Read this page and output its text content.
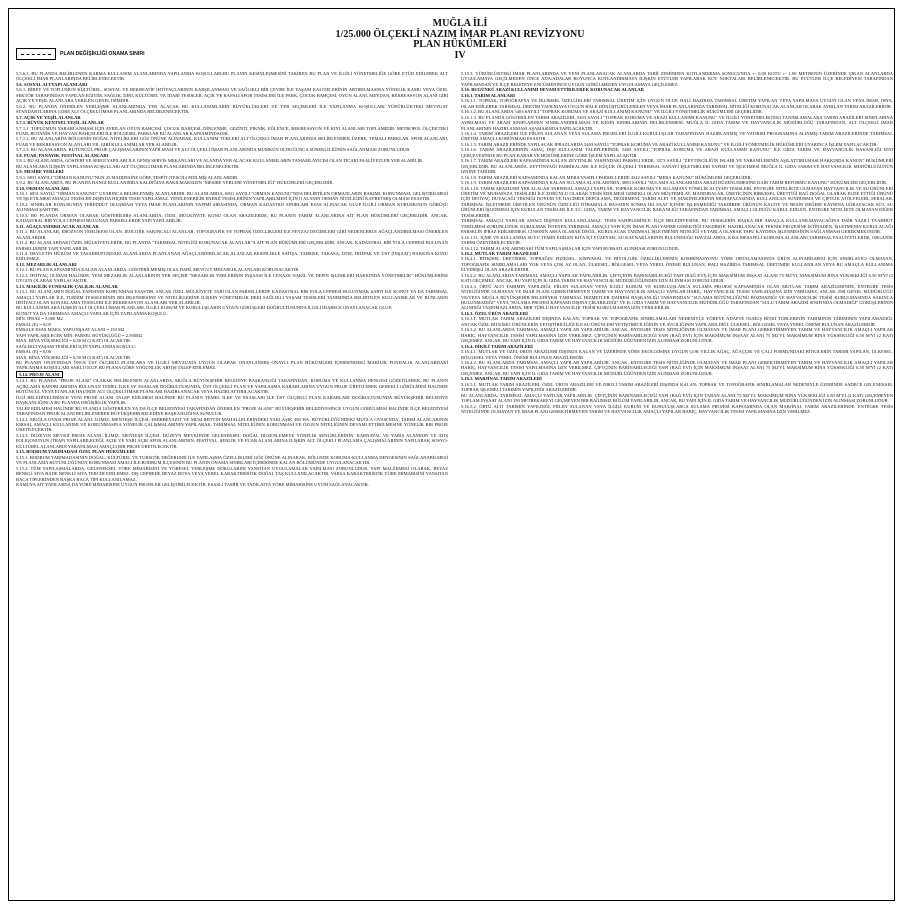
PLAN DEĞİŞİKLİĞİ ONAMA SINIRI
MUĞLA İLİ
1/25.000 ÖLÇEKLİ NAZIM İMAR PLANI REVİZYONU
PLAN HÜKÜMLERİ
IV

5.5.6.3. BU PLANDA BELİRLENEN KARMA KULLANIM ALANLARINDA YAPILANMA KOŞULLARI;BU PLANIN KESİNLEŞMESİNİ TAKİBEN BU PLAN VE İLGİLİ YÖNETMELİĞE GÖRE ETÜD EDİLEREK ALT ÖLÇEKLİ İMAR PLANLARINDA BELİRLENECEKTİR.

5.6. SOSYAL ALTYAPI ALANLARI

5.6.1. BİREY VE TOPLUMUN KÜLTÜREL, SOSYAL VE REKREATİF İHTİYAÇLARININ KARŞILANMASI VE SAĞLIKLI BİR ÇEVRE İLE YAŞAM KALİTELERİNİN ARTIRILMASINA YÖNELİK KAMU VEYA ÖZEL SEKTÖR TARAFINDAN YAPILAN EĞİTİM, SAĞLIK, DİNİ, KÜLTÜREL VE İDARİ TESİSLER, AÇIK VE KAPALI SPOR TESİSLERİ İLE PARK, ÇOCUK BAHÇESİ, OYUN ALANI, MEYDAN, REKREASYON ALANI GİBİ AÇIK VE YEŞİL ALANLARA VERİLEN GENEL İSİMDİR.

5.6.2. BU PLANDA ÖNERİLEN YERLEŞME ALANLARINDA YER ALACAK BU KULLANIMLARIN BÜYÜKLÜKLERİ VE YER SEÇİMLERİ İLE YAPILANMA KOŞULLARI YÜRÜRLÜKTEKİ MEVZUAT STANDARTLARINA GÖRE ALT ÖLÇEKLİ İMAR PLANLARINDA BELİRLENECEKTİR.

5.7. AÇIK VE YEŞİL ALANLAR

5.7.1. BÜYÜK KENTSEL YEŞİL ALANLAR

5.7.1.1. TOPLUMUN YARARLANMASI İÇİN AYRILAN OYUN BAHÇESİ, ÇOCUK BAHÇESİ, DİNLENME, GEZİNTİ, PİKNİK, EĞLENCE, REKREASYON VE KIYI ALANLARI TOPLAMIDIR. METROPOL ÖLÇEKTEKİ FUAR, BOTANİK VE HAYVAN BAHÇELERİ İLE BÖLGESEL PARKLAR BU ALANLAR KAPSAMINDADIR.

5.7.1.2. BU ALANLARDA BÖLGENİN DOĞAL NİTELİKLERİ GÖZ ÖNÜNE ALINARAK, KULLANIM TÜRLERİ ALT ÖLÇEKLİ İMAR PLANLARINDA BELİRLENMEK ÜZERE, TEMALI PARKLAR, SPOR ALANLARI, FUAR VE REKREASYON ALANLARI VB. GİBİ KULLANIMLAR YER ALABİLİR.

5.7.1.3. BU ALANLARDA, BÜTÜNCÜL PROJE ÇALIŞMALARININ YAPILMASI VE ALT ÖLÇEKLİ İMAR PLANLARINDA MÜMKÜN OLDUĞUNCA SÜREKLİLİĞİNİN SAĞLANMASI ZORUNLUDUR.

5.8. FUAR, PANAYIR, FESTİVAL ALANLARI

5.8.1. BU ALANLARDA, GÖSTERİ VE SERGİ YAPILARI İLE GENİŞ SERVİS MEKANLARI VE ALANDA YER ALACAK KULLANIMLARIN TAMAMLAYICISI OLAN TİCARİ FAALİYETLER YER ALABİLİR.

BU ALANLARA İLİŞKİN YAPILANMA KOŞULLARI ALT ÖLÇEKLİ İMAR PLANLARINDA BELİRLENECEKTİR.

5.9. MESİRE YERLERİ

5.9.1. 6831 SAYILI "ORMAN KANUNU"NUN 25 MADDESİNE GÖRE TESPİT (TESCİL) EDİLMİŞ ALANLARDIR.

5.9.2. BU ALANLARDA, BU PLANDA HANGİ KULLANIMDA KALDIĞINA BAKILMAKSIZIN "MESİRE YERLERİ YÖNETMELİĞİ" HÜKÜMLERİ GEÇERLİDİR.

5.10. ORMAN ALANLARI

5.10.1. 6831 SAYILI "ORMAN KANUNU" UYARINCA BELİRLENMİŞ ALANLARDIR. BU ALANLARDA, 6831 SAYILI "ORMAN KANUNU"NDA BELİRTİLEN ORMANLARIN BAKIMI, KORUNMASI, GELİŞTİRİLMESİ VE İŞLETİLMESİ AMAÇLI TESİSLER DIŞINDA HİÇBİR TESİS YAPILAMAZ. YENİLENEBİLİR ENERJİ TESİSLERİNİN YAPILABİLMESİ İÇİN O ALANIN ORMAN NİTELİĞİNİ KAYBETMİŞ OLMASI ESASTIR.

5.10.2. SINIRLAR KONUSUNDA TEREDDÜT OLUŞMASI VEYA İMAR PLANLARININ YAPIMI SIRASINDA, ORMAN KADASTRO SINIRLARI ESAS ALINACAK OLUP İLGİLİ ORMAN KURUMUNUN GÖRÜŞÜ ALINMASI ŞARTTIR.

5.10.3. BU PLANDA ORMAN OLARAK GÖSTERİLMİŞ ALANLARDA, ÖZEL MÜLKİYETE KONU OLAN ARAZİLERDE, BU PLANIN TARIM ALANLARINA AİT PLAN HÜKÜMLERİ GEÇERLİDİR. ANCAK, KADASTRAL BİR YOLA CEPHESİ BULUNAN PARSELLERDE YAPI YAPILABİLİR.

5.11. AĞAÇLANDIRILACAK ALANLAR

5.11.1. BU ALANLAR, EROZYON TEHLİKESİ OLAN, JEOLOJİK SAKINCALI ALANLAR, TOPOGRAFİK VE TOPRAK ÖZELLİKLERİ İLE PEYZAJ DEĞERLERİ GİBİ NEDENLERLE AĞAÇLANDIRILMASI ÖNERİLEN ALANLARDIR.

5.11.2. BU ALANLARDAKİ ÖZEL MÜLKİYETLERDE, BU PLANDA "TARIMSAL NİTELİĞİ KORUNACAK ALANLAR"A AİT PLAN HÜKÜMLERİ GEÇERLİDİR. ANCAK, KADASTRAL BİR YOLA CEPHESİ BULUNAN PARSELLERDE YAPI YAPILABİLİR.

5.11.3. DEVLETİN HÜKÜM VE TASARRUFUNDAKİ ALANLARDA PLANLANAN AĞAÇLANDIRILACAK ALANLAR KESİNLİKLE SATIŞA, TAHSİSE, TAKASA, İZNE, İRTİFAK VE ÜST (İNŞAAT) HAKKINA KONU EDİLEMEZ.

5.12. MEZARLIK ALANLARI

5.12.1. BU PLAN KAPSAMINDA KALAN ALANLARDA, GÖSTERİLMEMİŞ OLSA DAHİ, MEVCUT MEZARLIK ALANLARI KORUNACAKTIR.

5.12.2. İHTİYAÇ OLMASI HALİNDE, YENİ MEZARLIK ALANLARININ YER SEÇİMİ "MEZARLIK YERLERİNİN İNŞAASI İLE CENAZE NAKİL VE DEFİN İŞLEMLERİ HAKKINDA YÖNETMELİK" HÜKÜMLERİNE UYGUN OLARAK YAPILACAKTIR.

5.13. MAKİLİK-FUNDALIK-ÇALILIK ALANLAR

5.13.1. BU ALANLARIN DOĞAL YAPISININ KORUNMASI ESASTIR. ANCAK ÖZEL MÜLKİYETE TABİ OLAN PARSELLERDE KADASTRAL BİR YOLA CEPHESİ BULUNMAK ŞARTI İLE KONUT YA DA TARIMSAL AMAÇLI YAPILAR İLE, TURİZM TESİSLERİNİN BELİRLENMESİNE VE NİTELİKLERİNE İLİŞKİN YÖNETMELİK DEKİ SAĞLIKLI YAŞAM TESİSLERİ TANIMINDA BELİRTİLEN KULLANIMLAR VE BUNLARIN İHTİYACI OLAN KONAKLAMA TESİSLERİ İLE REKREASYON ALANLARI YER ALABİLİR.

BU KULLANIMLARA İLİŞKİN ALT ÖLÇEKLİ İMAR PLANLARI, İLGİLİ KURUM VE KURULUŞLARIN UYGUN GÖRÜŞLERİ DOĞRULTUSUNDA İLGİLİ İDARECE ONAYLANACAK OLUP;

KONUT YA DA TARIMSAL AMAÇLI YAPILAR İÇİN YAPILANMA KOŞULU:

MİN. İFRAZ = 5.000 M2

EMSAL (E) = 0,05

EMSALE ESAS MAKS. YAPI İNŞAAT ALANI = 150 M2

YAPI YAPILABİLECEK MİN. PARSEL BÜYÜKLÜĞÜ = 2.500M2

MAX. BİNA YÜKSEKLİĞİ = 6,50 M (2 KAT) OLACAKTIR.

SAĞLIKLI YAŞAM TESİSLERİ İÇİN YAPILANMA KOŞULU:

EMSAL (E) = 0,06

MAX. BİNA YÜKSEKLİĞİ = 6,50 M (2 KAT) OLACAKTIR.

BU PLANIN ONAYINDAN ÖNCE ÜST ÖLÇEKLİ PLANLARA VE İLGİLİ MEVZUATA UYGUN OLARAK ONAYLANMIŞ ONAYLI PLAN HÜKÜMLERİ İÇERİSİNDEKİ MAKİLİK FUNDALIK ALANLARDAKİ YAPILANMA KOŞULLARI SAKLI OLUP, BU PLANA GÖRE YOĞUNLUK ARTIŞI TALEP EDİLEMEZ.

5.14. PROJE ALANI

5.14.1. BU PLANDA "PROJE ALANI" OLARAK BELİRLENEN ALANLARDA, MUĞLA BÜYÜKŞEHİR BELEDİYE BAŞKANLIĞI TARAFINDAN, KORUMA VE KULLANMA DENGESİ GÖZETİLEREK, BU PLANIN AÇIKLAMA RAPORLARINDA BULUNAN TEMEL İLKE VE ESASLAR DOĞRULTUSUNDA, ÜST ÖLÇEKLİ PLAN VE YAPILAŞMA KARARLARINA UYGUN PROJE ÜRETİLEREK GEREKLİ GÖRÜLMESİ HALİNDE BÜTÜNCÜL VEYA ETAPLAR HALİNDE ALT ÖLÇEKLİ İMAR PLANLARI HAZIRLANACAK VEYA HAZIRLATTIRILACAKTIR.

İLGİ BELEDİYELERİNCE YENİ PROJE ALANI TALEP EDİLMESİ HALİNDE BU PLANIN TEMEL İLKE VE ESASLARI İLE ÜST ÖLÇEKLİ PLAN KARARLARI DOĞRULTUSUNDA BÜYÜKŞEHİR BELEDİYE BAŞKANLIĞINCA BU PLANDA DEĞİŞİKLİK YAPILIR.

TALEP EDİLMESİ HALİNDE BU PLANDA GÖSTERİLEN YA DA İLÇE BELEDİYESİ TARAFINDAN ÖNERİLEN "PROJE ALANI" BÜYÜKŞEHİR BELEDİYESİNCE UYGUN GÖRÜLMESİ HALİNDE İLÇE BELEDİYESİ TARAFINDAN PROJE ALANI BELİRLENEREK BÜYÜKŞEHİR BELEDİYE BAŞKANLIĞINA SUNULUR.

5.14.2. MUĞLA OVASI PROJE ALANI: İLİMİZ, MENTEŞE İLÇESİ; EMİRBEYAZIT VE MUSLIHITTİN MAHALLELERİNDEKİ YAKLAŞIK 490 HA. BÜYÜKLÜĞÜNDEKİ MUĞLA OVASI'NDA, TARIM ALANLARININ KIRSAL AMAÇLI KULLANIMI VE KORUNMASINA YÖNELİK ÇALIŞMALARININ YAPILARAK, TARIMSAL NİTELİĞİNİN KORUNMASI VE ÖZGÜN NİTELİĞİNİN DEVAMI ETTİRİLMESİNE YÖNELİK BİR PROJE ÜRETİLECEKTİR.

5.14.3. DÜZEYIN MEVKİİ PROJE ALANI: İLİMİZ, MENTEŞE İLÇESİ, DÜZEYN MEVKİİNDE GELENEKSEL DOĞAL DÜZENLEMEYE YÖNELİK ŞENLİKLERİNİN, KARNAVAL VE YARIŞ ALANININ VE ATIŞ POLİGONUNUN (TRAP) YAPILABİLECEĞİ, AÇIK VE YARI AÇIK SPOR ALANLARININ, FESTİVAL, ŞENLİK VE FUAR ALANLARINA İLİŞKİN ALT ÖLÇEKLİ PLANLAMA ÇALIŞMALARININ YAPILARAK SOSYO-KÜLTÜREL ALANLARIN YARATILMASI AMAÇLI BİR PROJE ÜRETİLECEKTİR.

5.15. BODRUM YARIMADASI ÖZEL PLAN HÜKÜMLERİ

5.15.1. BODRUM YARIMADASININ DOĞAL, KÜLTÜREL VE TURİSTİK DEĞERLERİ İLE YAPILAŞMA ÖZELLİKLERİ GÖZ ÖNÜNE ALINARAK, BÖLGEDE KORUMA-KULLANMA DENGESİNİN SAĞLANABİLMESİ VE PLANLAMA BÜTÜNLÜĞÜNÜN KORUNMASI AMACI İLE BODRUM İLÇESİNİN BU PLANIN ONAMA SINIRLARI İÇERİSİNDE KALAN BÖLÜMÜNDE UYGULANACAKTIR.

5.15.2. TÜM YAPILAŞMALARDA, GELENEKSEL YÖRE MİMARİSİNİ VE YÖRESEL YERLEŞME DOKULARINI YANSITAN UYGULAMALAR YAPILMASI ZORUNLUDUR. YAPI MALZEMESİ OLARAK, BEYAZ RENKLİ SIVA BADE RENKLİ SIVA TERCİH EDİLEMEZ. DIŞ CEPHEDE BEYAZ BOYA VEYA YEREL KARAKTERİSTİK DOĞAL TAŞ KULLANILACAKTIR. VARSA KARAKTERİSTİK YÖRE MİMARİSİNİ YANSITAN BACA TİPLERİNDEN BAŞKA BACA TİPİ KULLANILAMAZ.

KAMUYA AİT YAPILARDA DA YÖRE MİMARİSİNE UYGUN PROJELER GELİŞTİRİLECEKTİR. ESASLI TAMİR VE TADİLATTA YÖRE MİMARİSİNE UYUM SAĞLANACAKTIR.

5.15.3. YÜRÜRLÜKTEKİ İMAR PLANLARINDA VE YENİ PLANLANACAK ALANLARDA TABİİ ZEMİNDEN KOTLANDIRMA SONUCUNDA +- 0.00 KOTU +- 1.00 METRENİN ÜZERİNDE ÇIKAN ALANLARDA UYGULAMAYA GEÇİLMEDEN ÖNCE ADA/ADALAR BOYUNCA KOTLANDIRMAYA İLİŞKİN ETÜTLER YAPILARAK KOT NOKTALARI BELİRLENECEKTİR. BU ETÜTLER İLÇE BELEDİYESİ TARAFINDAN YAPILMADAN VE İLÇE BELEDİYE ENCÜMENİNCE UYGUN GÖRÜLMEDEN UYGULAMAYA GEÇİLEMEZ.

5.16. BUGÜNKÜ ARAZİ KULLANIMI DEVAM ETTİRİLEREK KORUNACAK ALANLAR

5.16.1. TARIM ALANLARI

5.16.1.1. TOPRAK, TOPOĞRAFYA VE İKLİMSEL ÖZELLİKLERİ TARIMSAL ÜRETİM İÇİN UYGUN OLUP, HALİ HAZIRDA TARIMSAL ÜRETİM YAPILAN VEYA YAPILMAYA UYGUN OLAN VEYA İMAR, İHYA, ISLAH EDİLEREK TARIMSAL ÜRETİM YAPILMAYA UYGUN HALE DÖNÜŞTÜRÜLEBİLEN VEYA İMAR PLANLARINDA TARIMSAL NİTELİĞİ KORUNACAK ALANLAR OLARAK AYRILAN TARIM ARAZİLERİDİR.

5.16.1.2. BU ALANLARDA 5403 SAYILI "TOPRAK KORUMA VE ARAZİ KULLANIMI KANUNU" VE İLGİLİ YÖNETMELİK HÜKÜMLERİ GEÇERLİDİR.

5.16.1.3. BU PLANDA GÖSTERİLEN TARIM ARAZİLERİ, 5403 SAYILI "TOPRAK KORUMA VE ARAZİ KULLANIMI KANUNU" VE İLGİLİ YÖNETMELİKTEKİ TANIMLAMALARA TARIM ARAZİLERİ SINIFLARINA AYRILMASI VE ARAZİ SINIFLARININ SINIRLANDIRILMASI VE KESİN SINIRLARININ BELİRLENMESİ, MUĞLA İL GIDA TARIM VE HAYVANCILIK MÜDÜRLÜĞÜ TARAFINDAN, ALT ÖLÇEKLİ İMAR PLANLARININ HAZIRLANMASI AŞAMASINDA YAPILACAKTIR.

5.16.1.4. TARIM ARAZİLERİ İLE FİİLEN SULANAN VEYA SULAMA PROJELERİ İLGİLİ KURULUŞLAR TARAFINDAN HAZIRLANMIŞ VE YATIRIM PROGRAMINA ALINMIŞ TARIM ARAZİLERİNDE TARIMSAL ÜRETİM AMAÇLI KORUNMASI ESASTIR.

5.16.1.5. TARIM ARAZİLERİNDE YAPILACAK İFRAZLARDA 5403 SAYILI "TOPRAK KORUMA VE ARAZİ KULLANIMI KANUNU" VE İLGİLİ YÖNETMELİK HÜKÜMLERİ UYARINCA İŞLEM YAPILACAKTIR.

5.16.1.6. TARIM ARAZİLERİNİN AMAÇ DIŞI KULLANIM TALEPLERİNDE, 5403 SAYILI "TOPRAK KORUMA VE ARAZİ KULLANIMI KANUNU" İLE GIDA TARIM VE HAYVANCILIK BAKANLIĞI İZNİ ÇERÇEVESİNDE BU PLAN KARAR VE HÜKÜMLERİNE GÖRE İŞLEM YAPILACAKTIR.

5.16.1.7. TARIM ARAZİLERİ KAPSAMINDA KALAN ZEYTİNLİK VASFINDAKİ PARSELLERDE, 3573 SAYILI "ZEYTİNCİLİĞİN ISLAHI VE YABANİLERİNİN AŞILATTIRILMASI HAKKINDA KANUN" HÜKÜMLERİ GEÇERLİDİR. BU ALANLARDA, ZEYTİNYAĞI FABRİKALARI İLE KÜÇÜK ÖLÇEKLİ TARIMSAL SANAYİ İŞLETMELERİ YAPIMI VE İŞLETMESİ MUĞLA İL GIDA TARIM VE HAYVANCILIK MÜDÜRLÜĞÜNÜN İZNİNE TABİDİR.

5.16.1.8. TARIM ARAZİLERİ KAPSAMINDA KALAN MERA VASIFLI PARSELLERDE 4342 SAYILI "MERA KANUNU" HÜKÜMLERİ GEÇERLİDİR.

5.16.1.9. TARIM ARAZİLERİ KAPSAMINDA KALAN SULAMA ALANLARINDA, 3083 SAYILI "SULAMA ALANLARINDA ARAZİ DÜZENLEMESİNE DAİR TARIM REFORMU KANUNU" HÜKÜMLERİ GEÇERLİDİR.

5.16.1.10. TARIM ARAZİLERİ YER ALACAK TARIMSAL AMAÇLI YAPILAR, TOPRAK KORUMA VE SULAMAYA YÖNELİK ALTYAPI TESİSLERİ, ENTEGRE NİTELİKTE OLMAYAN HAYVANCILIK VE SU ÜRÜNLERİ ÜRETİM VE MUHAFAZA TESİSLERİ İLE ZORUNLU OLARAK TESİS EDİLMESİ GEREKLİ OLAN MÜŞTEMİLAT, MANDIRALAR, ÜRETİCİNİN BİRKESEL ÜRETTİĞİ BAĞ DOĞAL OLARAK ELDE ETTİĞİ ÜRÜNÜ İÇİN İHTİYAÇ DUYACAĞI TEKNİĞİ DOYUM VE HACİMDE DEPOLAMA, DEĞİRMENİ, TARIM ALET VE MAKİNELERİNİN MUHAFAZASINDA KULLANILAN SUNDURMA VE ÇİFTLİK ATÖLYELERİ, SERALAR, TARIMSAL İŞLETMEDE ÜRETİLEN ÜRÜNÜN ÖZELLİĞİ İTİBARIYLA HASADIN SONRA İKİ SAAT İÇİNDE İŞLENMEDİĞİ TAKDİRDE ÜRÜNÜN KALİTE VE BESİN DEĞERİ KAYBINA UĞRAYACAK SÜT, SU ÜRÜNLERİ İŞLENMESİ İÇİN KURULAN TESİSLER İLE T.C. GIDA, TARIM VE HAYVANCILIK BAKANLIĞI TARAFINDAN TARIMSAL AMAÇLI OLDUĞU KABUL EDİLEN, ENTEGRE NİTELİKTE OLMAYAN DİĞER TESİSLERDİR.

TARIMSAL AMAÇLI YAPILAR AMACI DIŞINDA KULLANILAMAZ. TESİS SAHİPLERİNCE, İLÇE BELEDİYESİNE, BU TESİSLERİN BAŞKA BİR AMAÇLA KULLANILMAYACAĞINA DAİR YAZILI TAAHHÜT VERİLMESİ ZORUNLUDUR. KURULMAK İSTENEN TARIMSAL AMAÇLI YAPI İÇİN İMAR PLANI YAPIMI GEREKTİĞİ TAKDİRDE, HAZIRLANACAK TEKNİK PROJESİNE İSTİNADEN, İŞLETMENİN KURULACAĞI PARSELİN İFRAZ EDİLMEMESİ, CİNSİNİN ARSA OLARAK DEĞİL, KURULACAK TARIMSAL İŞLETMENİN NİTELİĞİ VE TARLA OLARAK TAPU KAYDINA İŞLENMESİNİN SAĞLANMASI GEREKMEKTEDİR.

5.16.1.11. İÇME VE KULLANMA SUYU TEMİN EDİLEN KITA İÇİ YÜZEYSEL SU KAYNAKLARININ BULUNDUĞU HAVZALARDA, KISA MESAFELİ KORUMA ALANLARI TARIMSAL FAALİYETLERDE, ORGANİK TARIM ÖZENDİRİLECEKTİR.

5.16.1.12. TARIM ALANLARINDAKİ TÜM YAPILAŞMALAR İÇİN YAPI RUHSATI ALINMASI ZORUNLUDUR.

5.16.2. MUTLAK TARIM ARAZİLERİ

5.16.2.1. BİTKİSEL ÜRETİMDE, TOPRAĞIN FİZİKSEL, KİMYASAL VE BİYOLOJİK ÖZELLİKLERİNİN KOMBİNASYONU YÖRE ORTALAMASINDA ÜRÜN ALINABİLMESİ İÇİN SINIRLAYICI OLMAYAN, TOPOĞRAFİK SINIRLAMALARI YOK VEYA ÇOK AZ OLAN, ÜLKESEL, BÖLGESEL VEYA YEREL ÖNEMİ BULUNAN, HALİ HAZIRDA TARIMSAL ÜRETİMDE KULLANILAN VEYA BU AMAÇLA KULLANIMA ELVERİŞLİ OLAN ARAZİLERDİR.

5.16.2.2. BU ALANLARDA TARIMSAL AMAÇLI YAPILAR YAPILABİLİR. ÇİFTÇİNİN BARINABİLECEĞİ YAPI (BAĞ EVİ) İÇİN MAKSİMUM İNŞAAT ALANI 75 M2'Yİ, MAKSİMUM BİNA YÜKSEKLİĞİ 6.50 M'Yİ (2 KAT) GEÇEMEZ. ANCAK, BU YAPI İÇİN İL GIDA TARIM VE HAYVANCILIK MÜDÜRLÜĞÜNDEN İZİN ALINMASI ZORUNLUDUR.

5.16.2.3. ÖRTÜ ALTI TARIMIN YAPILDIĞI, FİİLEN SULANAN VEYA İLGİLİ KURUM VE KURULUŞLARCA SULAMA PROJESİ KAPSAMINDA OLAN MUTLAK TARIM ARAZİLERİNDE, ENTEGRE TESİS NİTELİĞİNDE OLMAYAN VE İMAR PLANI GEREKTİRMEYEN TARIM VE HAYVANCILIK AMAÇLI YAPILAR HARİÇ, HAYVANCILIK TESİSİ YAPILMASINA İZİN VERİLMEZ. ANCAK, DSİ GENEL MÜDÜRLÜĞÜ VE/VEYA MUĞLA BÜYÜKŞEHİR BELEDİYESİ TARIMSAL HİZMETLER DAİRESİ BAŞKANLIĞI TARAFINDAN "SULAMA BÜTÜNLÜĞÜNÜ BOZMADIĞI VE HAYVANCILIK TESİSİ KURULMASINDA SAKINCA BULUNMADIĞI" VEYA "SULAMA PROJESİ KAPSAMI DIŞINA ÇIKARILDIĞI" VE İL GIDA TARIM VE HAYVANCILIK MÜDÜRLÜĞÜ TARAFINDAN "SULU TARIM ARAZİSİ SINIFINDA OLMADIĞI" GÖRÜŞLERİNİN ALINDIĞI TAŞINMAZLARDA, HER TÜRLÜ HAYVANCILIK TESİSİ KURULMASINA İZİN VERİLEBİLİR.

5.16.3. ÖZEL ÜRÜN ARAZİLERİ

5.16.3.1. MUTLAK TARIM ARAZİLERİ DIŞINDA KALAN; TOPRAK VE TOPOGRAFİK SINIRLAMALARI NEDENİYLE YÖREYE ADAPTE OLMUŞ BİTKİ TÜRLERİNİN TARIMININ TARIMININ YAPILAMADIĞI, ANCAK ÖZEL BİTKİSEL ÜRÜNLERİN YETİŞTİRİCİLİĞİ İLE SU ÜRÜNLERİ YETİŞTİRİCİLİĞİNİN VE AVCILIĞININ YAPILABİLDİĞİ, ÜLKESEL, BÖLGESEL VEYA YEREL ÖNEMİ BULUNAN ARAZİLERDİR.

5.16.3.2. BU ALANLARDA TARIMSAL AMAÇLI YAPILAR YAPILABİLİR. ANCAK, ENTEGRE TESİS NİTELİĞİNDE OLMAYAN VE İMAR PLANI GEREKTİRMEYEN TARIM VE HAYVANCILIK AMAÇLI YAPILAR HARİÇ, HAYVANCILIK TESİSİ YAPILMASINA İZİN VERİLMEZ. ÇİFTÇİNİN BARINABİLECEĞİ YAPI (BAĞ EVİ) İÇİN MAKSİMUM İNŞAAT ALANI 75 M2'Yİ, MAKSİMUM BİNA YÜKSEKLİĞİ 6.50 M'Yİ (2 KAT) GEÇEMEZ. ANCAK, BU YAPI İÇİN İL GIDA TARIM VE HAYVANCILIK MÜDÜRLÜĞÜNDEN İZİN ALINMASI ZORUNLUDUR.

5.16.4. DİKİLİ TARIM ARAZİLERİ

5.16.4.1. MUTLAK VE ÖZEL ÜRÜN ARAZİLERİ DIŞINDA KALAN VE ÜZERİNDE YÖRE EKOLOJİSİNE UYGUN ÇOK YILLIK AĞAÇ, AĞAÇÇIK VE ÇALI FORMUNDAKİ BİTKİLERİN TARIMI YAPILAN, ÜLKESEL, BÖLGESEL VEYA YEREL ÖNEMİ BULUNAN ARAZİLERDİR.

5.16.4.2. BU ALANLARDA TARIMSAL AMAÇLI YAPILAR YAPILABİLİR. ANCAK, ENTEGRE TESİS NİTELİĞİNDE OLMAYAN VE İMAR PLANI GEREKTİRMEYEN TARIM VE HAYVANCILIK AMAÇLI YAPILAR HARİÇ, HAYVANCILIK TESİSİ YAPILMASINA İZİN VERİLMEZ. ÇİFTÇİNİN BARINABİLECEĞİ YAPI (BAĞ EVİ) İÇİN MAKSİMUM İNŞAAT ALANI 75 M2'Yİ, MAKSİMUM BİNA YÜKSEKLİĞİ 6.50 M'Yİ (2 KAT) GEÇEMEZ. ANCAK, BU YAPI İÇİN İL GIDA TARIM VE HAYVANCILIK MÜDÜRLÜĞÜNDEN İZİN ALINMASI ZORUNLUDUR.

5.16.5. MARJİNAL TARIM ARAZİLERİ

5.16.5.1. MUTLAK TARIM ARAZİLERİ, ÖZEL ÜRÜN ARAZİLERİ VE DİKİLİ TARIM ARAZİLERİ DIŞINDA KALAN, TOPRAK VE TOPOĞRAFİK SINIRLAMALAR NEDENİYLE ÜZERİNDE SADECE GELENEKSEL TOPRAK İŞLEMELİ TARIMIN YAPILDIĞI ARAZİLERDİR.

BU ALANLARDA; TARIMSAL AMAÇLI YAPILAR YAPILABİLİR. ÇİFTÇİNİN BARINABİLECEĞİ YAPI (BAĞ EVİ) İÇİN TABAN ALANI 75 M2'Yİ, MAKSİMUM BİNA YÜKSEKLİĞİ 6.50 M'Yİ (2 KAT) GEÇEMEYEN TOPLAM İNŞAAT ALANI 150 METREKAREYİ GEÇMEYEN BİR BAĞIMSIZ BÖLÜM YAPILABİLİR. ANCAK, BU YAPI İÇİN İL GIDA TARIM VE HAYVANCILIK MÜDÜRLÜĞÜNDEN İZİN ALINMASI ZORUNLUDUR.

5.16.5.2. ÖRTÜ ALTI TARIMIN YAPILDIĞI, FİİLEN SULANAN VEYA İLGİLİ KURUM VE KURULUŞLARCA SULAMA PROJESİ KAPSAMINDA OLAN MARJİNAL TARIM ARAZİLERİNDE, ENTEGRE TESİS NİTELİĞİNDE OLMAYAN VE İMAR PLANI GEREKTİRMEYEN TARIM VE HAYVANCILIK AMAÇLI YAPILAR HARİÇ, HAYVANCILIK TESİSİ YAPILMASINA İZİN VERİLMEZ.
